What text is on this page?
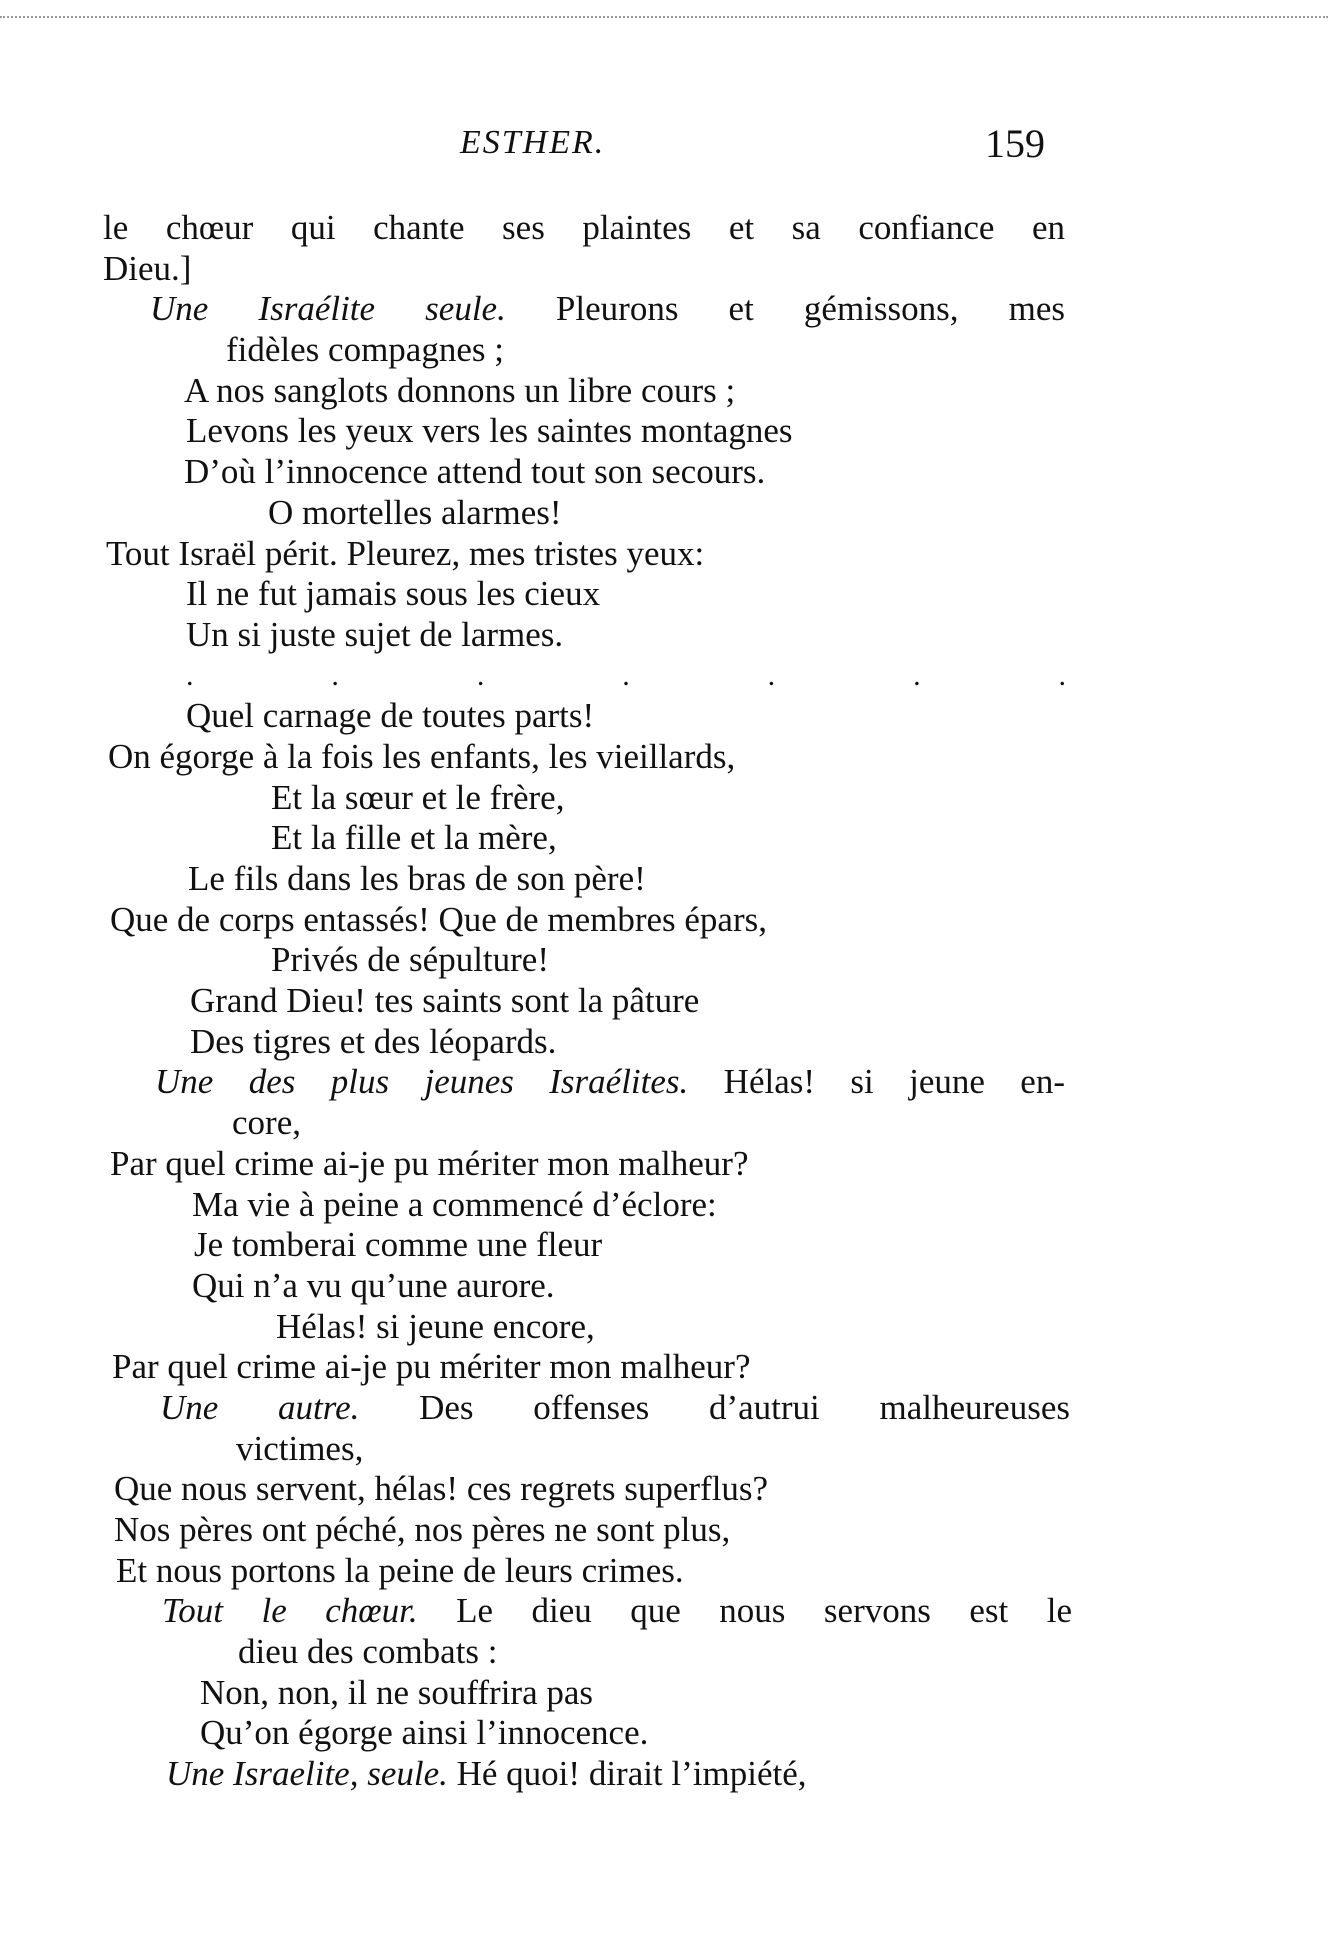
ESTHER.	159
le chœur qui chante ses plaintes et sa confiance en
Dieu.]
Une Israélite seule. Pleurons et gémissons, mes
fidèles compagnes ;
A nos sanglots donnons un libre cours ;
Levons les yeux vers les saintes montagnes
D’où l’innocence attend tout son secours.
O mortelles alarmes!
Tout Israël périt. Pleurez, mes tristes yeux:
Il ne fut jamais sous les cieux
Un si juste sujet de larmes.
. . . . . . .
Quel carnage de toutes parts!
On égorge à la fois les enfants, les vieillards,
Et la sœur et le frère,
Et la fille et la mère,
Le fils dans les bras de son père!
Que de corps entassés! Que de membres épars,
Privés de sépulture!
Grand Dieu! tes saints sont la pâture
Des tigres et des léopards.
Une des plus jeunes Israélites. Hélas! si jeune en-
core,
Par quel crime ai-je pu mériter mon malheur?
Ma vie à peine a commencé d’éclore:
Je tomberai comme une fleur
Qui n’a vu qu’une aurore.
Hélas! si jeune encore,
Par quel crime ai-je pu mériter mon malheur?
Une autre. Des offenses d’autrui malheureuses
victimes,
Que nous servent, hélas! ces regrets superflus?
Nos pères ont péché, nos pères ne sont plus,
Et nous portons la peine de leurs crimes.
Tout le chœur. Le dieu que nous servons est le
dieu des combats :
Non, non, il ne souffrira pas
Qu’on égorge ainsi l’innocence.
Une Israelite, seule. Hé quoi! dirait l’impiété,
